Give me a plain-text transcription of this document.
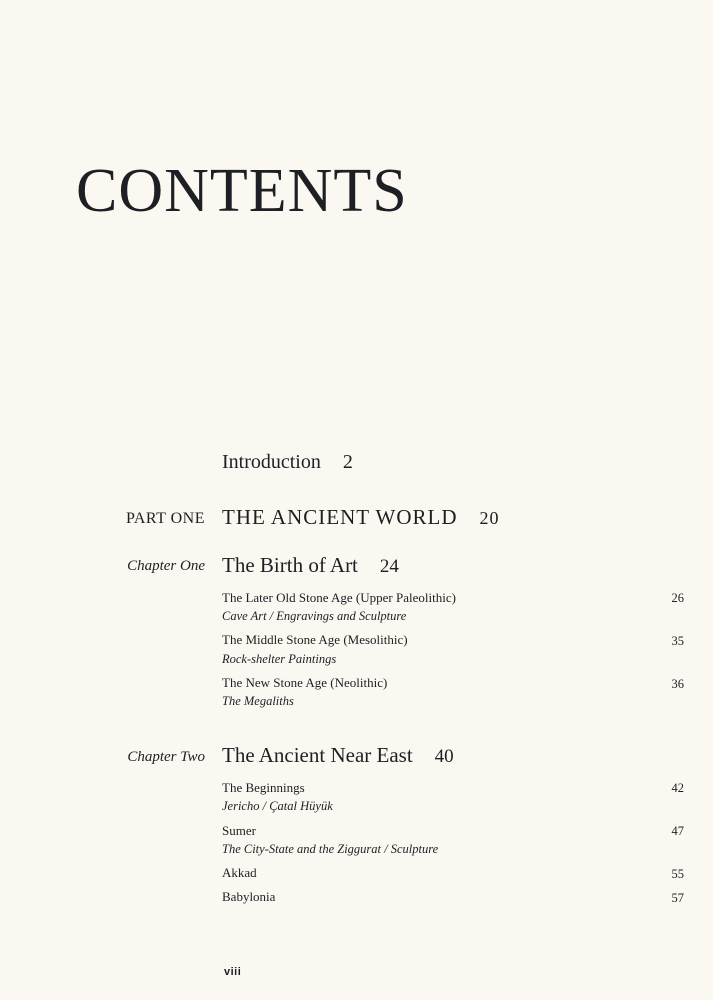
CONTENTS
Introduction 2
PART ONE THE ANCIENT WORLD 20
Chapter One The Birth of Art 24
The Later Old Stone Age (Upper Paleolithic)	26
Cave Art / Engravings and Sculpture
The Middle Stone Age (Mesolithic)	35
Rock-shelter Paintings
The New Stone Age (Neolithic)	36
The Megaliths
Chapter Two The Ancient Near East 40
The Beginnings	42
Jericho / Çatal Hüyük
Sumer	47
The City-State and the Ziggurat / Sculpture
Akkad	55
Babylonia	57
viii
